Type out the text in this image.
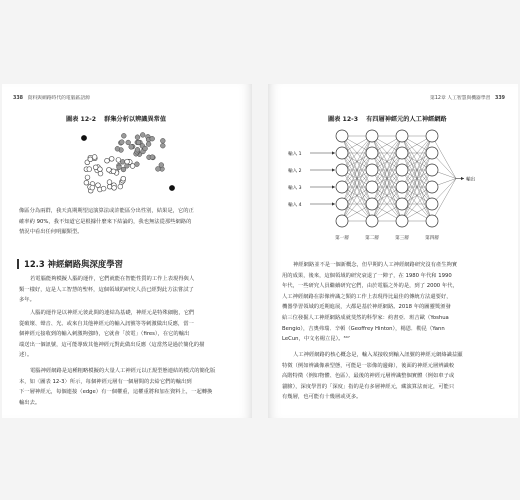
338 資料與網路時代的電腦區語源
圖表 12-2 群集分析以辨識異常值
像區分為兩群，我天真期期望這演算法或許能區分出性別，結果是，它的正
確率約 90%，我不知道它是根據什麼來下結論的，我也無法從那些網路的
情況中看出任何明顯類型。
12.3 神經網路與深度學習
若電腦能夠模擬人腦的運作，它們就能在智能性質的工作上表現得與人
類一樣好，這是人工智慧的聖杯，這個領域的研究人員已經對此方法嘗試了
多年。
人腦的運作是以神經元彼此間的連結為基礎，神經元是特殊細胞，它們
從破壞、聲音、光、或來自其他神經元的輸入訊號等等刺激做出反應，當一
個神經元接收到的輸入刺激夠強時，它就會「放電」（fires），在它的輸出
端送出一個訊號，這可能導致其他神經元對此做出反應（這當然是過於簡化的描
述）。
電腦神經網路是這種粗略模擬的大量人工神經元以正規型態連結的模式的簡化版
本，如〈圖表 12-3〉所示，每個神經元層有一個層間的去給它們的輸出到
下一層神經元，每個連接（edge）有一個權重，這權重將和加在資料上，一起轉換
輸出去。
第12章 人工智慧與機器學習 339
圖表 12-3 有四層神經元的人工神經網路
輸入 1
輸入 2
輸入 3
輸入 4
輸出
第一層	第二層	第三層	第四層
神經網路並不是一個新概念，但早期的人工神經網路研究沒有產生夠實
用的成果，後來，這個領域的研究衰退了一陣子，在 1980 年代和 1990
年代，一些研究人員繼續研究它們，由於電腦之外的是，到了 2000 年代，
人工神經網路在影像辨識之類的工作上表現得比最佳的傳統方法還要好，
機器學習領域的近期進展，大都是基於神經網路。2018 年的圖靈獎頒發
給三位發掘人工神經網路成就斐然的科學家：約書亞．班吉歐（Yoshua
Bengio），吉奧弗瑞．辛頓（Geoffrey Hinton），楊恩．勒昆（Yann
LeCun，中文名楊立昆）。³⁴⁷
人工神經網路的核心概念是，輸入某接收到輸入訊號的神經元網絡識益顯
特徵（例如辨識像素型態，可能是一影像的邊緣），後面的神經元層辨識較
高階特徵（例如物體、色區），最後的神經元層辨識整個實體（例如車子或
貓臉），深度學習的「深度」指的是有多層神經元，藏演算法而定，可能只
有幾層，也可能有十幾層或更多。
